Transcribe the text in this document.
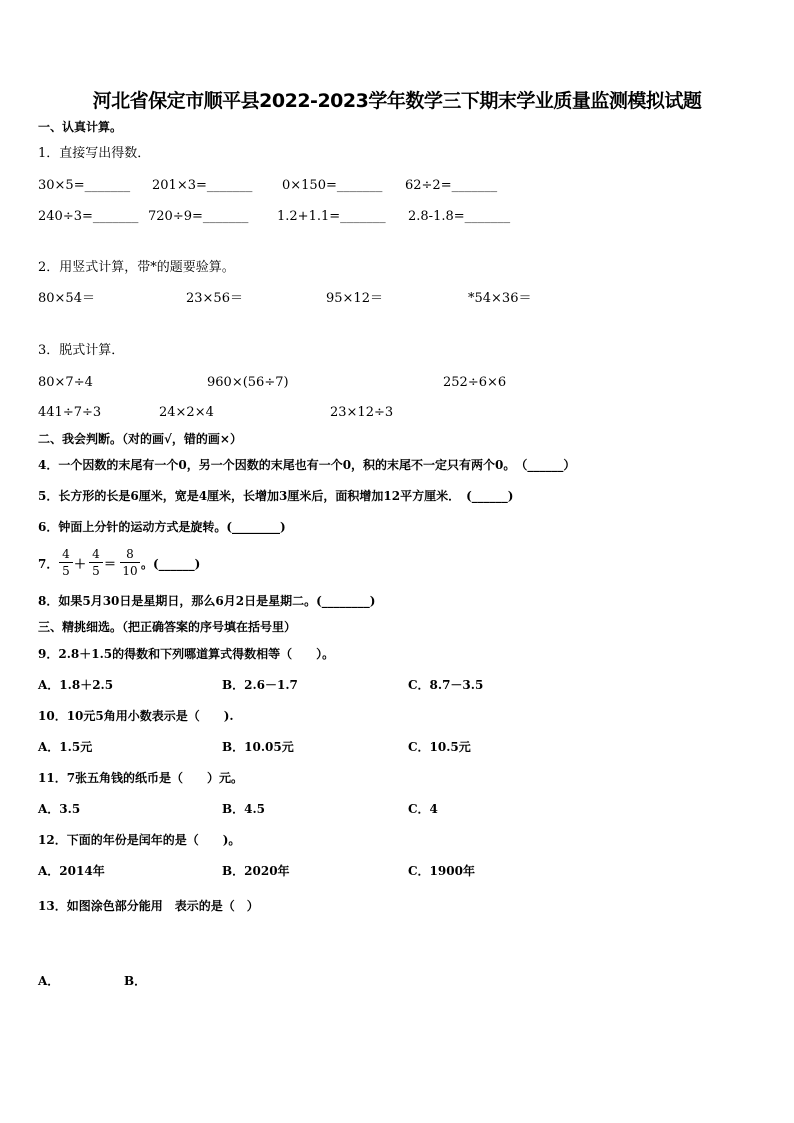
河北省保定市顺平县2022-2023学年数学三下期末学业质量监测模拟试题
一、认真计算。
1．直接写出得数．
30×5=_______ 201×3=_______ 0×150=_______ 62÷2=_______
240÷3=_______ 720÷9=_______ 1.2+1.1=_______ 2.8-1.8=_______
2．用竖式计算，带*的题要验算。
80×54＝	23×56＝	95×12＝	*54×36＝
3．脱式计算．
80×7÷4	960×(56÷7)	252÷6×6
441÷7÷3	24×2×4	23×12÷3
二、我会判断。（对的画√，错的画×）
4．一个因数的末尾有一个0，另一个因数的末尾也有一个0，积的末尾不一定只有两个0。　（______）
5．长方形的长是6厘米，宽是4厘米，长增加3厘米后，面积增加12平方厘米．　(______)
6．钟面上分针的运动方式是旋转。(________)
7．
4
5 ＋
4
5 ＝
8
10 。(______)
8．如果5月30日是星期日，那么6月2日是星期二。(________)
三、精挑细选。（把正确答案的序号填在括号里）
9．2.8＋1.5的得数和下列哪道算式得数相等（　　）。
A．1.8＋2.5	B．2.6－1.7	C．8.7－3.5
10．10元5角用小数表示是（　　).
A．1.5元	B．10.05元	C．10.5元
11．7张五角钱的纸币是（　　）元。
A．3.5	B．4.5	C．4
12．下面的年份是闰年的是（　　)。
A．2014年	B．2020年	C．1900年
13．如图涂色部分能用　表示的是（　）
A．	B．
